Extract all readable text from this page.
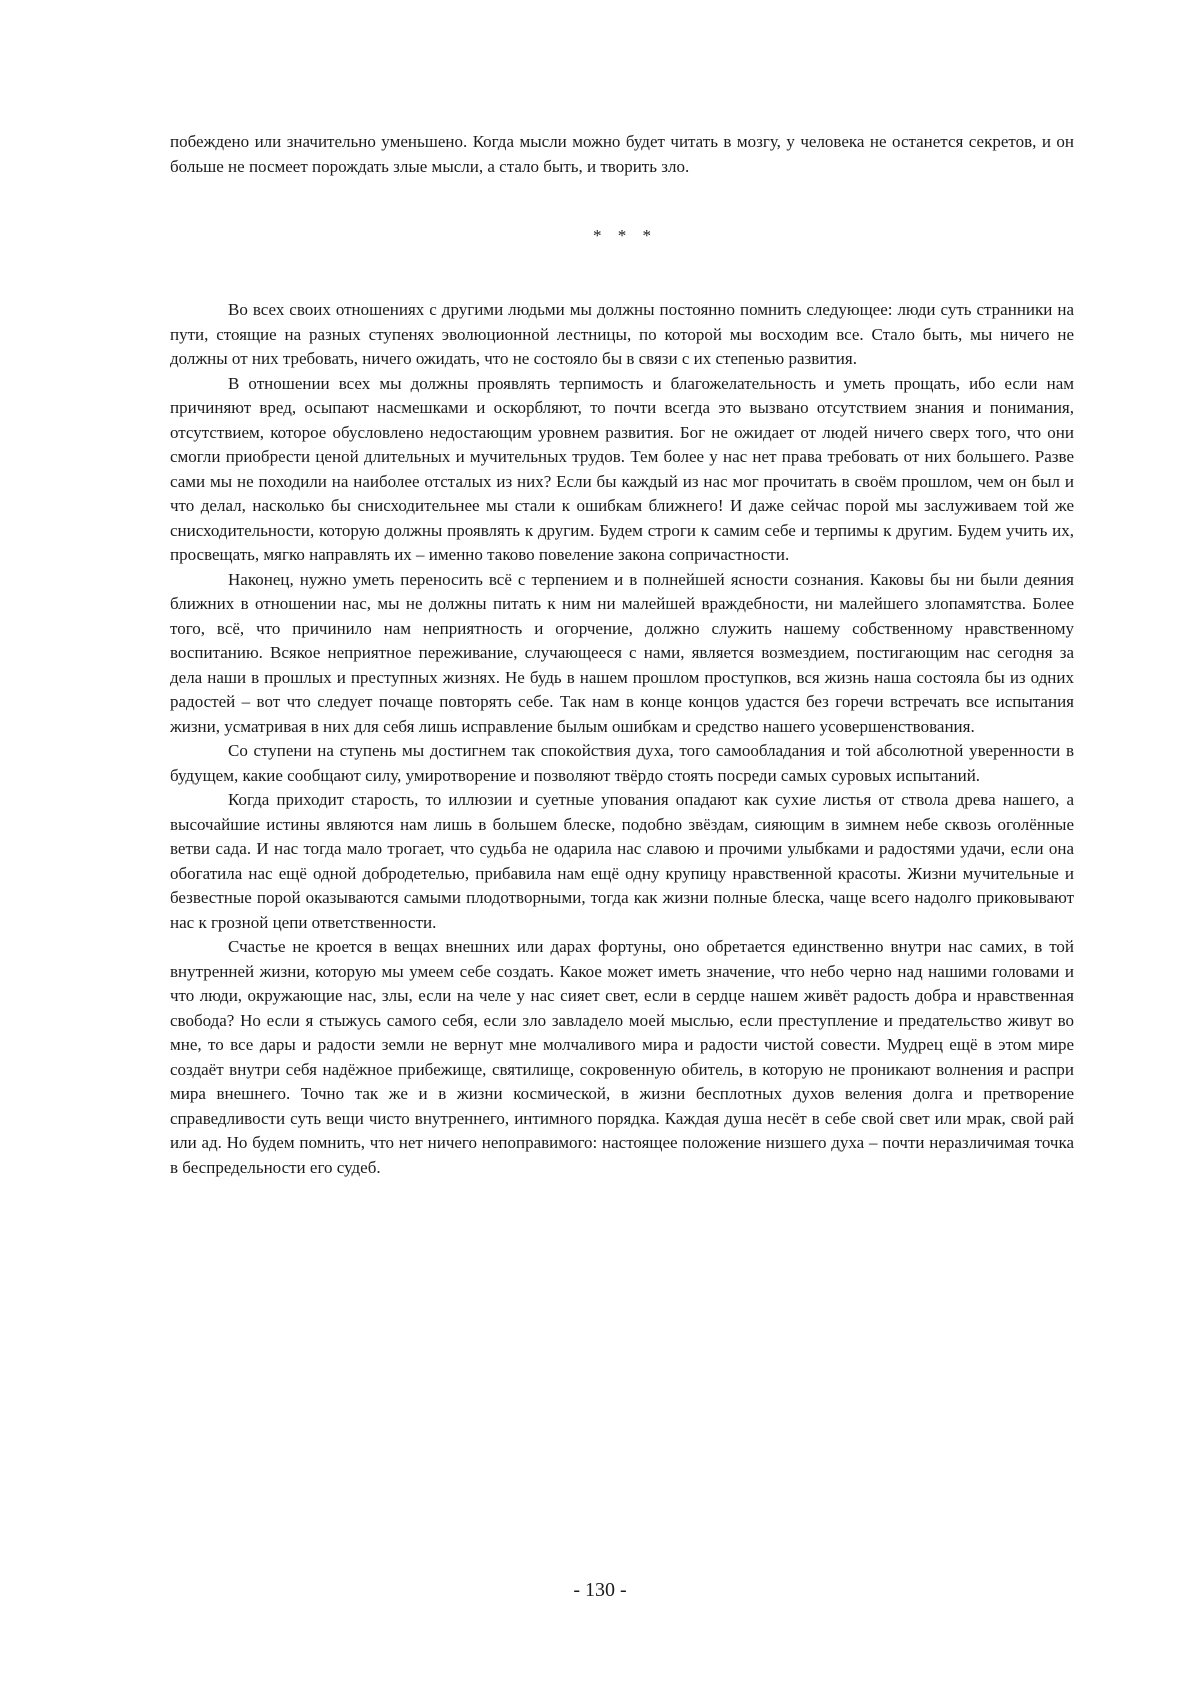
побеждено или значительно уменьшено. Когда мысли можно будет читать в мозгу, у человека не останется секретов, и он больше не посмеет порождать злые мысли, а стало быть, и творить зло.

* * *

Во всех своих отношениях с другими людьми мы должны постоянно помнить следующее: люди суть странники на пути, стоящие на разных ступенях эволюционной лестницы, по которой мы восходим все. Стало быть, мы ничего не должны от них требовать, ничего ожидать, что не состояло бы в связи с их степенью развития.

В отношении всех мы должны проявлять терпимость и благожелательность и уметь прощать, ибо если нам причиняют вред, осыпают насмешками и оскорбляют, то почти всегда это вызвано отсутствием знания и понимания, отсутствием, которое обусловлено недостающим уровнем развития. Бог не ожидает от людей ничего сверх того, что они смогли приобрести ценой длительных и мучительных трудов. Тем более у нас нет права требовать от них большего. Разве сами мы не походили на наиболее отсталых из них? Если бы каждый из нас мог прочитать в своём прошлом, чем он был и что делал, насколько бы снисходительнее мы стали к ошибкам ближнего! И даже сейчас порой мы заслуживаем той же снисходительности, которую должны проявлять к другим. Будем строги к самим себе и терпимы к другим. Будем учить их, просвещать, мягко направлять их – именно таково повеление закона сопричастности.

Наконец, нужно уметь переносить всё с терпением и в полнейшей ясности сознания. Каковы бы ни были деяния ближних в отношении нас, мы не должны питать к ним ни малейшей враждебности, ни малейшего злопамятства. Более того, всё, что причинило нам неприятность и огорчение, должно служить нашему собственному нравственному воспитанию. Всякое неприятное переживание, случающееся с нами, является возмездием, постигающим нас сегодня за дела наши в прошлых и преступных жизнях. Не будь в нашем прошлом проступков, вся жизнь наша состояла бы из одних радостей – вот что следует почаще повторять себе. Так нам в конце концов удастся без горечи встречать все испытания жизни, усматривая в них для себя лишь исправление былым ошибкам и средство нашего усовершенствования.

Со ступени на ступень мы достигнем так спокойствия духа, того самообладания и той абсолютной уверенности в будущем, какие сообщают силу, умиротворение и позволяют твёрдо стоять посреди самых суровых испытаний.

Когда приходит старость, то иллюзии и суетные упования опадают как сухие листья от ствола древа нашего, а высочайшие истины являются нам лишь в большем блеске, подобно звёздам, сияющим в зимнем небе сквозь оголённые ветви сада. И нас тогда мало трогает, что судьба не одарила нас славою и прочими улыбками и радостями удачи, если она обогатила нас ещё одной добродетелью, прибавила нам ещё одну крупицу нравственной красоты. Жизни мучительные и безвестные порой оказываются самыми плодотворными, тогда как жизни полные блеска, чаще всего надолго приковывают нас к грозной цепи ответственности.

Счастье не кроется в вещах внешних или дарах фортуны, оно обретается единственно внутри нас самих, в той внутренней жизни, которую мы умеем себе создать. Какое может иметь значение, что небо черно над нашими головами и что люди, окружающие нас, злы, если на челе у нас сияет свет, если в сердце нашем живёт радость добра и нравственная свобода? Но если я стыжусь самого себя, если зло завладело моей мыслью, если преступление и предательство живут во мне, то все дары и радости земли не вернут мне молчаливого мира и радости чистой совести. Мудрец ещё в этом мире создаёт внутри себя надёжное прибежище, святилище, сокровенную обитель, в которую не проникают волнения и распри мира внешнего. Точно так же и в жизни космической, в жизни бесплотных духов веления долга и претворение справедливости суть вещи чисто внутреннего, интимного порядка. Каждая душа несёт в себе свой свет или мрак, свой рай или ад. Но будем помнить, что нет ничего непоправимого: настоящее положение низшего духа – почти неразличимая точка в беспредельности его судеб.

- 130 -
